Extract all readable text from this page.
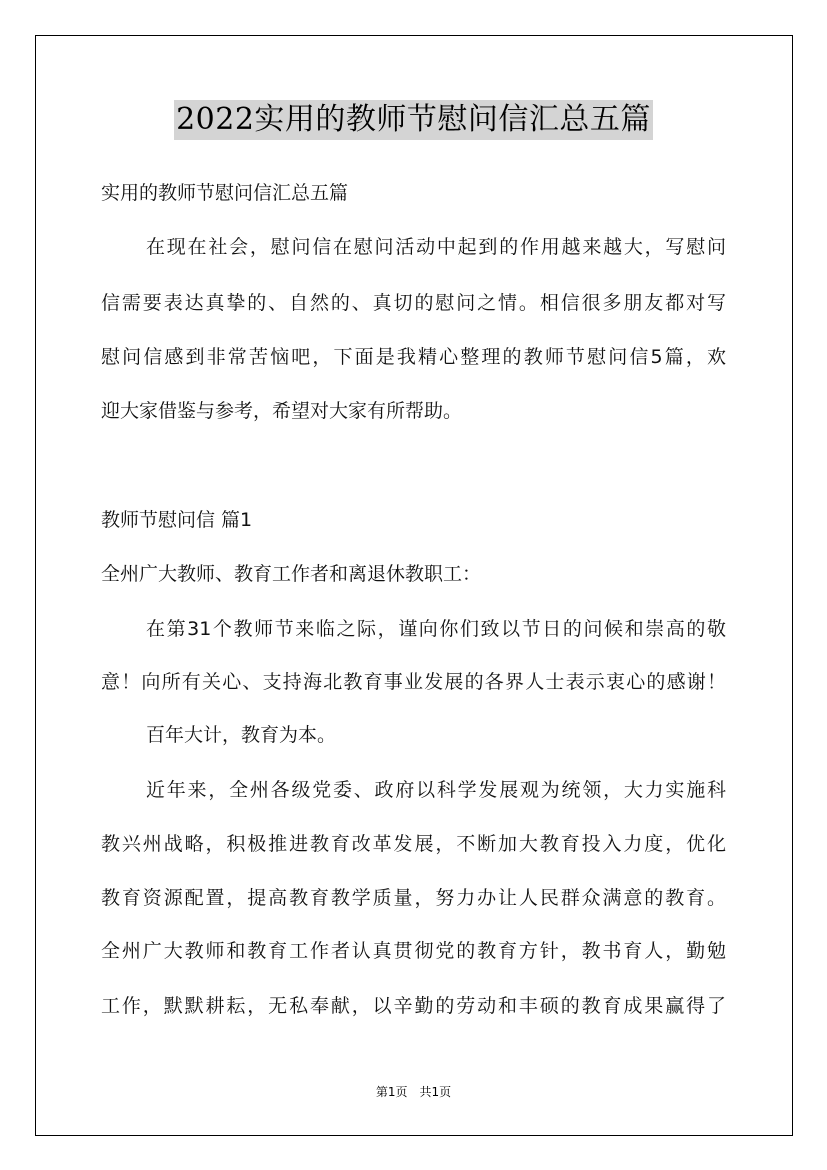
2022实用的教师节慰问信汇总五篇

实用的教师节慰问信汇总五篇

在现在社会，慰问信在慰问活动中起到的作用越来越大，写慰问

信需要表达真挚的、自然的、真切的慰问之情。相信很多朋友都对写

慰问信感到非常苦恼吧，下面是我精心整理的教师节慰问信5篇，欢

迎大家借鉴与参考，希望对大家有所帮助。

教师节慰问信 篇1

全州广大教师、教育工作者和离退休教职工：

在第31个教师节来临之际，谨向你们致以节日的问候和崇高的敬

意！向所有关心、支持海北教育事业发展的各界人士表示衷心的感谢！

百年大计，教育为本。

近年来，全州各级党委、政府以科学发展观为统领，大力实施科

教兴州战略，积极推进教育改革发展，不断加大教育投入力度，优化

教育资源配置，提高教育教学质量，努力办让人民群众满意的教育。

全州广大教师和教育工作者认真贯彻党的教育方针，教书育人，勤勉

工作，默默耕耘，无私奉献，以辛勤的劳动和丰硕的教育成果赢得了

第1页 共1页
